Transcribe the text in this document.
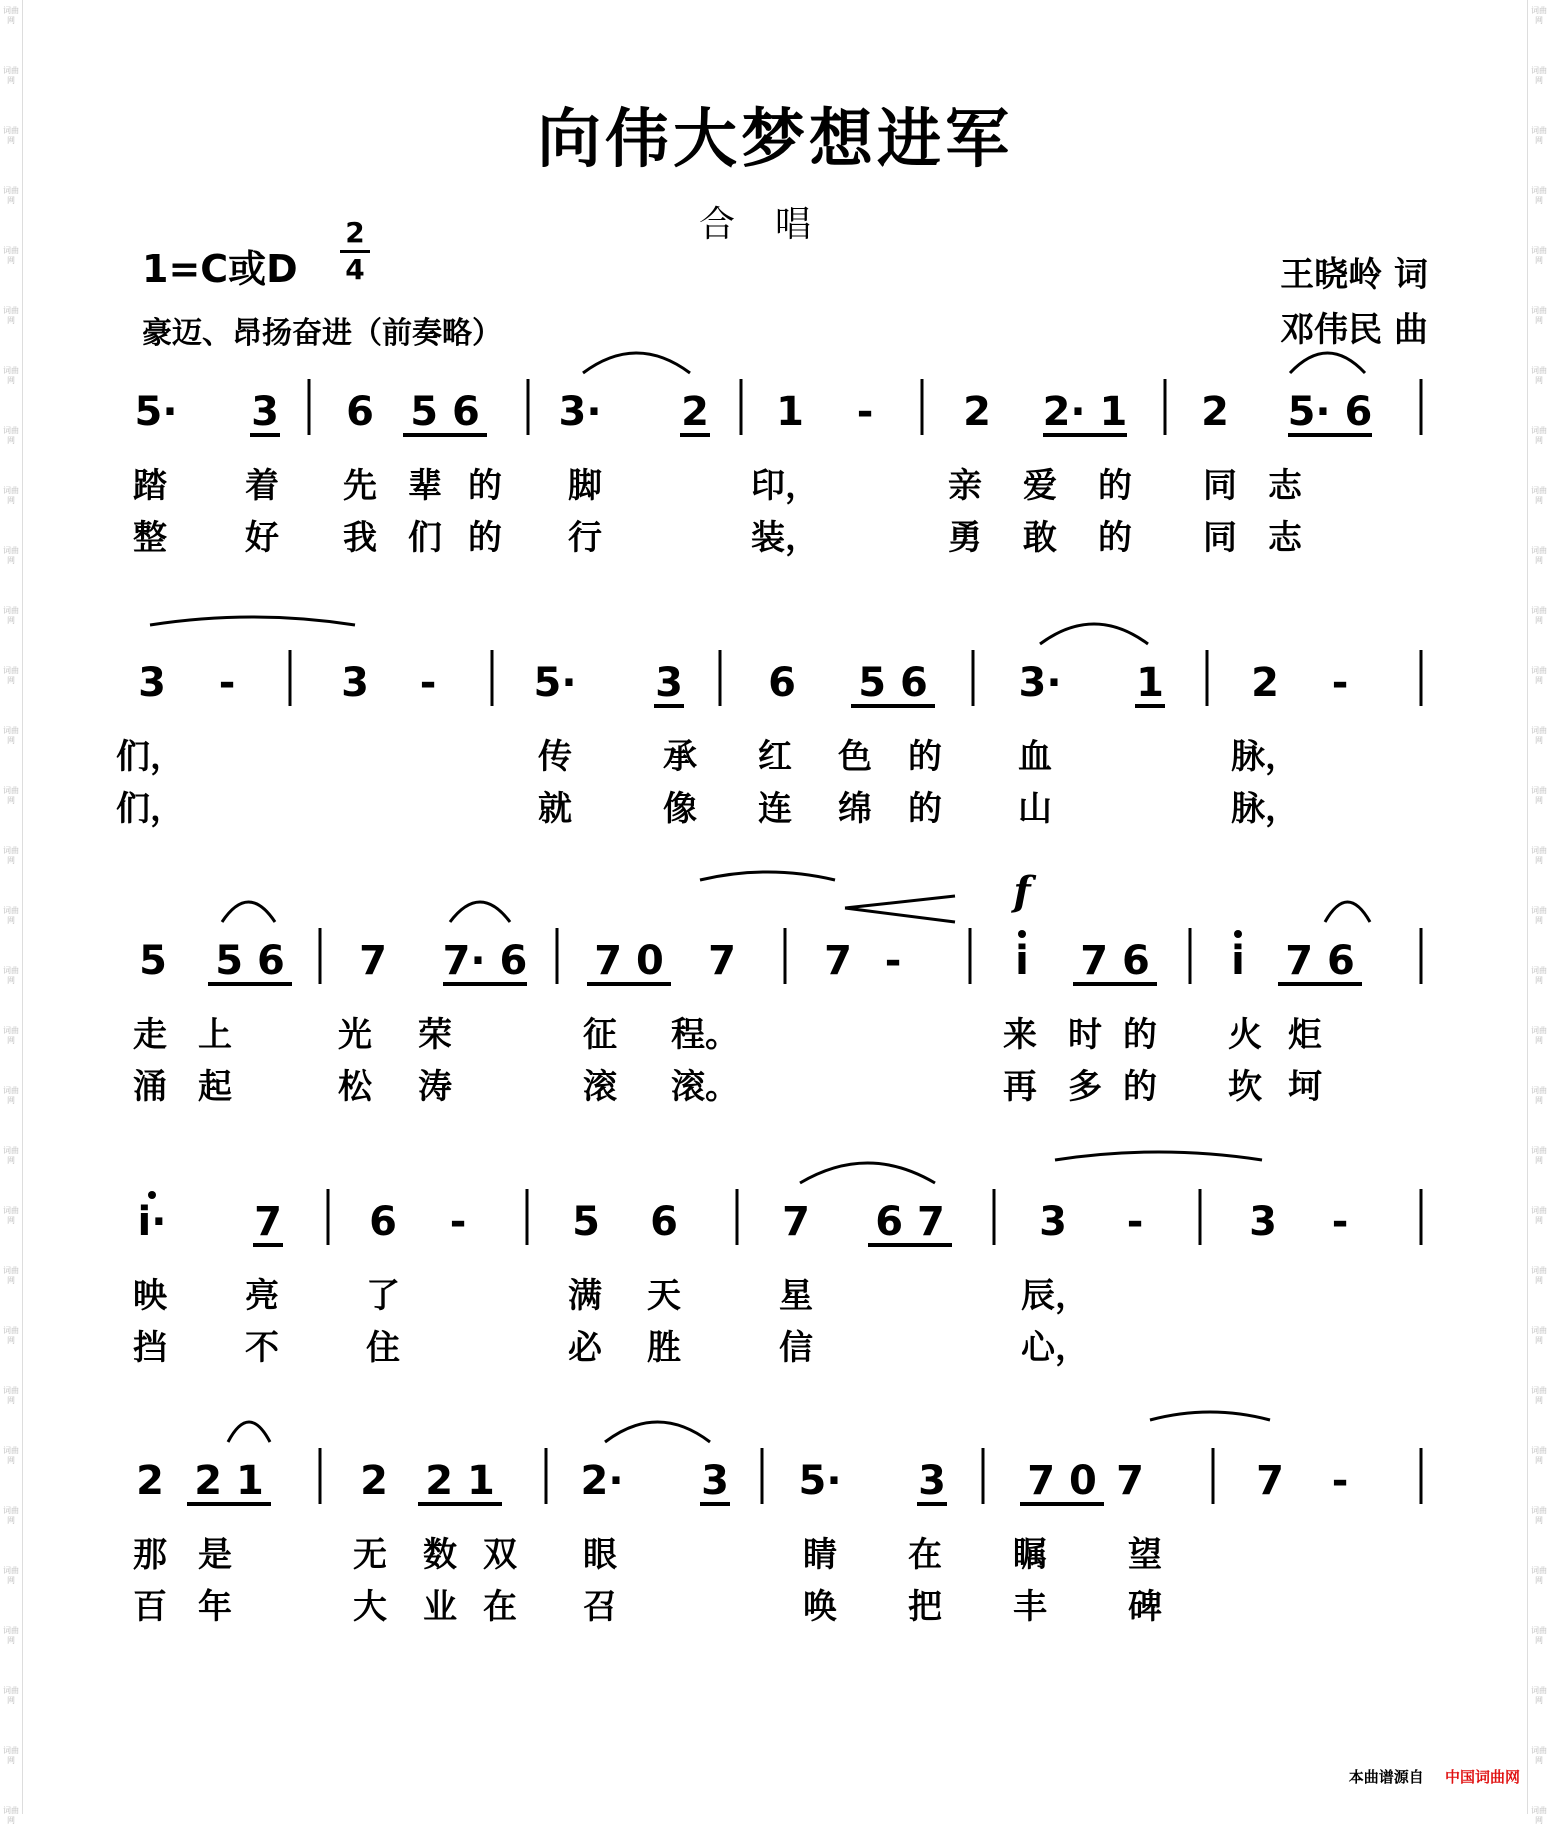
词曲网
词曲网
词曲网
词曲网
词曲网
词曲网
词曲网
词曲网
词曲网
词曲网
词曲网
词曲网
词曲网
词曲网
词曲网
词曲网
词曲网
词曲网
词曲网
词曲网
词曲网
词曲网
词曲网
词曲网
词曲网
词曲网
词曲网
词曲网
词曲网
词曲网
词曲网
词曲网
词曲网
词曲网
词曲网
词曲网
词曲网
词曲网
词曲网
词曲网
词曲网
词曲网
词曲网
词曲网
词曲网
词曲网
词曲网
词曲网
词曲网
词曲网
词曲网
词曲网
词曲网
词曲网
词曲网
词曲网
词曲网
词曲网
词曲网
词曲网
词曲网
词曲网
向伟大梦想进军
合唱
1=C或D
2
4
豪迈、昂扬奋进（前奏略）
王晓岭 词
邓伟民 曲
5· 3 6 5 6 3· 2 1 - 2 2· 1 2 5· 6
踏 着 先 辈 的 脚	印，	亲 爱 的 同 志
整 好 我 们 的 行	装，	勇 敢 的 同 志
3 -	3 - 5· 3 6 5 6 3· 1 2 -
们，	传	承 红 色 的 血	脉，
们，	就	像 连 绵 的 山	脉，
5 5 6 7 7· 6 7 0 7 7 -	i 7 6 i 7 6
走 上	光 荣	征 程。	来 时 的 火 炬
涌 起	松 涛	滚 滚。	再 多 的 坎 坷
i· 7 6 -	5 6	7 6 7 3 -	3 -
映 亮	了	满 天	星	辰，
挡 不	住	必 胜	信	心，
2 2 1 2 2 1 2· 3 5· 3 7 0 7	7 -
那 是	无 数 双 眼	睛 在 瞩 望
百 年	大 业 在 召	唤 把 丰 碑
f
本曲谱源自 中国词曲网
